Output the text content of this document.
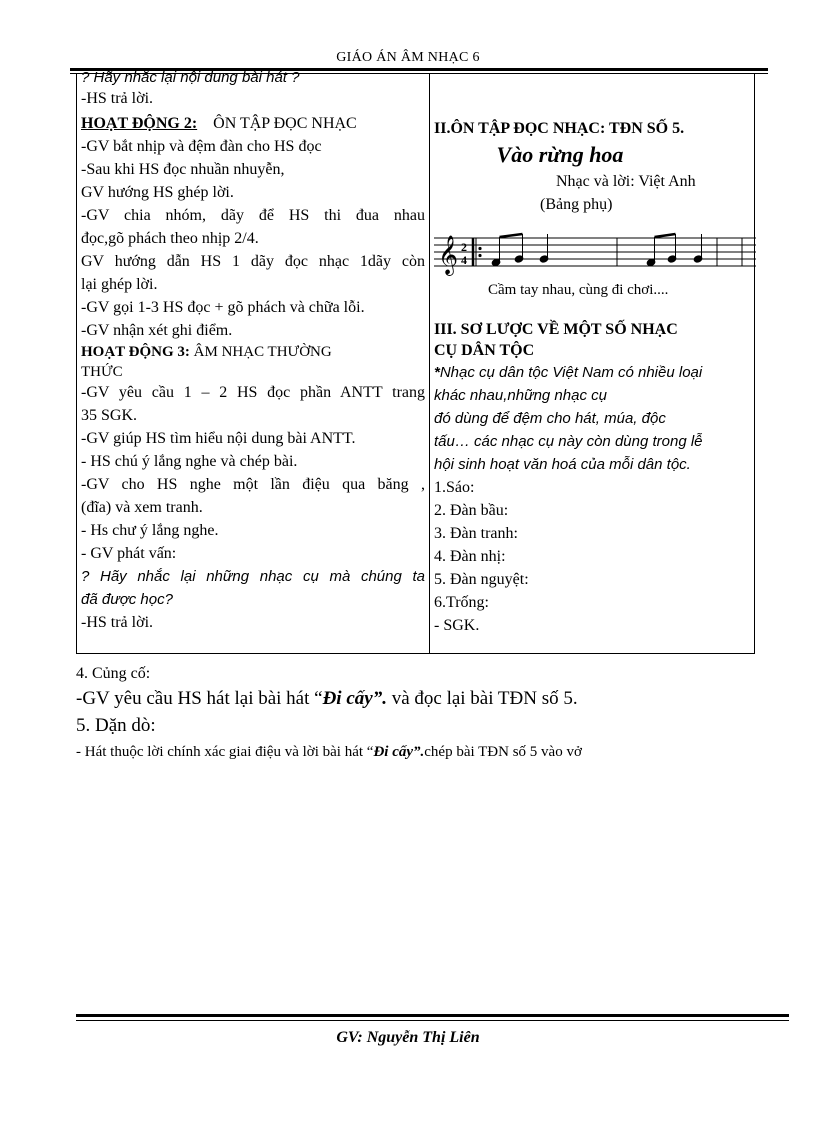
GIÁO ÁN ÂM NHẠC 6
? Hãy nhắc lại nội dung bài hát ?
-HS trả lời.
HOẠT ĐỘNG 2: ÔN TẬP ĐỌC NHẠC
-GV bắt nhịp và đệm đàn cho HS đọc
-Sau khi HS đọc nhuần nhuyễn,
GV hướng HS ghép lời.
-GV chia nhóm, dãy để HS thi đua nhau
đọc,gõ phách theo nhịp 2/4.
GV hướng dẫn HS 1 dãy đọc nhạc 1dãy còn
lại ghép lời.
-GV gọi 1-3 HS đọc + gõ phách và chữa lỗi.
-GV nhận xét ghi điểm.
HOẠT ĐỘNG 3: ÂM NHẠC THƯỜNG
THỨC
-GV yêu cầu 1 – 2 HS đọc phần ANTT trang
35 SGK.
-GV giúp HS tìm hiểu nội dung bài ANTT.
- HS chú ý lắng nghe và chép bài.
-GV cho HS nghe một lần điệu qua băng ,
(đĩa) và xem tranh.
- Hs chư ý lắng nghe.
- GV phát vấn:
? Hãy nhắc lại những nhạc cụ mà chúng ta
đã được học?
-HS trả lời.

II.ÔN TẬP ĐỌC NHẠC: TĐN SỐ 5.
Vào rừng hoa
Nhạc và lời: Việt Anh
(Bảng phụ)
𝄞 2
4
Cầm tay nhau, cùng đi chơi....
III. SƠ LƯỢC VỀ MỘT SỐ NHẠC
CỤ DÂN TỘC
*Nhạc cụ dân tộc Việt Nam có nhiều loại
khác nhau,những nhạc cụ
đó dùng để đệm cho hát, múa, độc
tấu… các nhạc cụ này còn dùng trong lễ
hội sinh hoạt văn hoá của mỗi dân tộc.
1.Sáo:
2. Đàn bầu:
3. Đàn tranh:
4. Đàn nhị:
5. Đàn nguyệt:
6.Trống:
- SGK.
4. Củng cố:
-GV yêu cầu HS hát lại bài hát “Đi cấy”. và đọc lại bài TĐN số 5.
5. Dặn dò:
- Hát thuộc lời chính xác giai điệu và lời bài hát “Đi cấy”.chép bài TĐN số 5 vào vở
GV: Nguyễn Thị Liên
